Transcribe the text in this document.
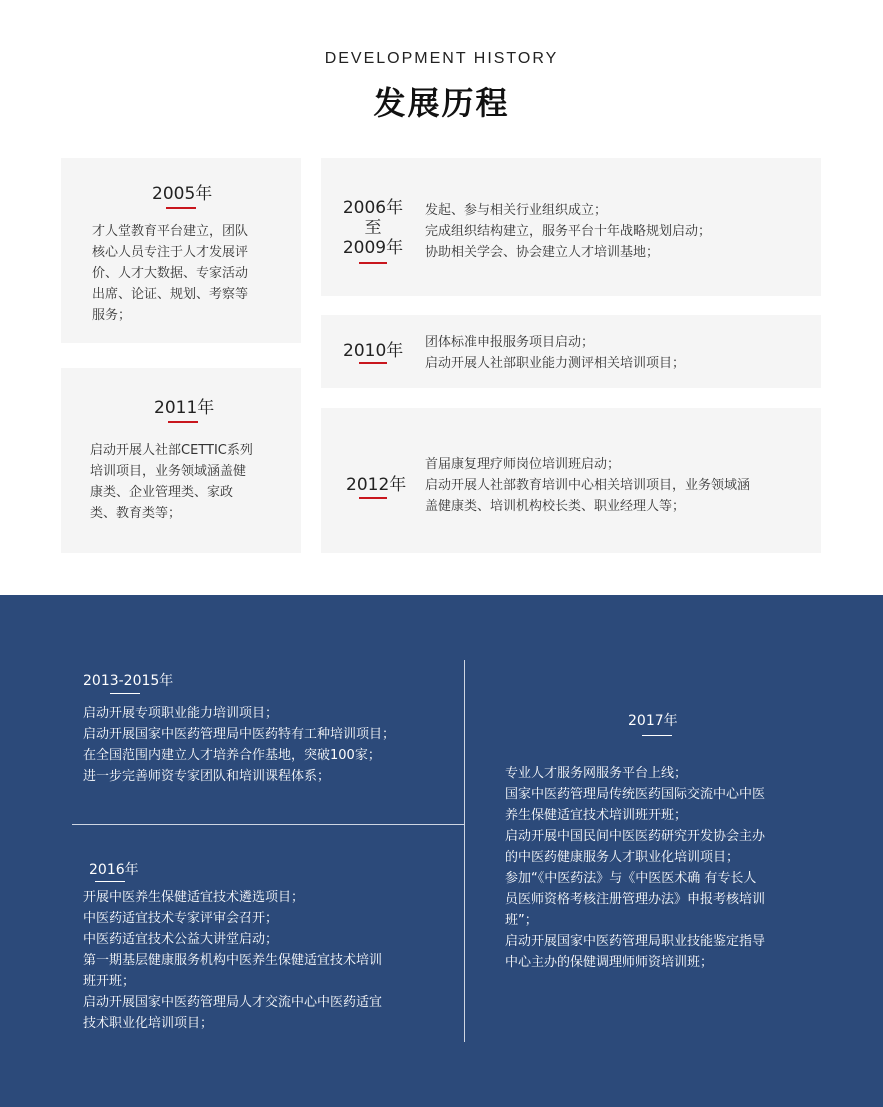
DEVELOPMENT HISTORY
发展历程
2005年
才人堂教育平台建立，团队
核心人员专注于人才发展评
价、人才大数据、专家活动
出席、论证、规划、考察等
服务；
2011年
启动开展人社部CETTIC系列
培训项目，业务领域涵盖健
康类、企业管理类、家政
类、教育类等；
2006年
至
2009年
发起、参与相关行业组织成立；
完成组织结构建立，服务平台十年战略规划启动；
协助相关学会、协会建立人才培训基地；
2010年 团体标准申报服务项目启动；
启动开展人社部职业能力测评相关培训项目；
2012年
首届康复理疗师岗位培训班启动；
启动开展人社部教育培训中心相关培训项目，业务领域涵
盖健康类、培训机构校长类、职业经理人等；
2013-2015年
启动开展专项职业能力培训项目；
启动开展国家中医药管理局中医药特有工种培训项目；
在全国范围内建立人才培养合作基地，突破100家；
进一步完善师资专家团队和培训课程体系；
2016年
开展中医养生保健适宜技术遴选项目；
中医药适宜技术专家评审会召开；
中医药适宜技术公益大讲堂启动；
第一期基层健康服务机构中医养生保健适宜技术培训
班开班；
启动开展国家中医药管理局人才交流中心中医药适宜
技术职业化培训项目；
2017年
专业人才服务网服务平台上线；
国家中医药管理局传统医药国际交流中心中医
养生保健适宜技术培训班开班；
启动开展中国民间中医医药研究开发协会主办
的中医药健康服务人才职业化培训项目；
参加“《中医药法》与《中医医术确 有专长人
员医师资格考核注册管理办法》申报考核培训
班”；
启动开展国家中医药管理局职业技能鉴定指导
中心主办的保健调理师师资培训班；
